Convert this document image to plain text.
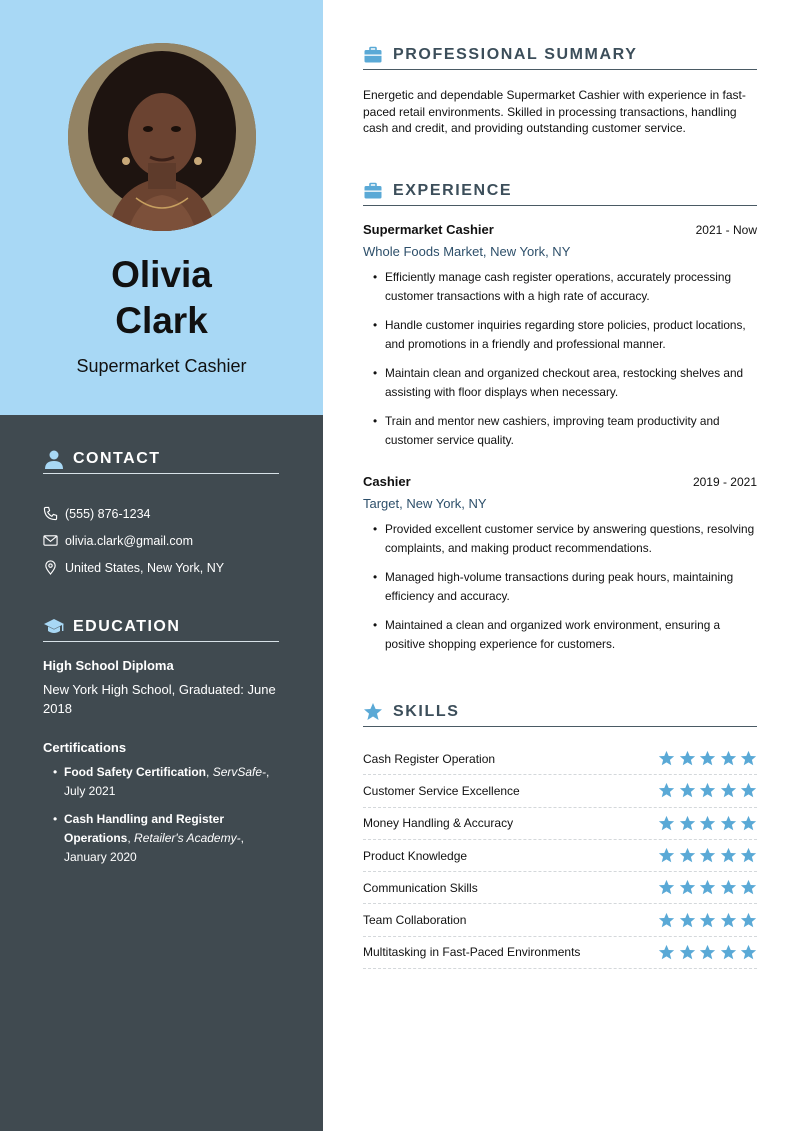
Olivia
Clark
Supermarket Cashier
CONTACT
(555) 876-1234
olivia.clark@gmail.com
United States, New York, NY
EDUCATION
High School Diploma
New York High School, Graduated: June 2018
Certifications
• Food Safety Certification, ServSafe-, July 2021
• Cash Handling and Register Operations, Retailer's Academy-, January 2020
PROFESSIONAL SUMMARY
Energetic and dependable Supermarket Cashier with experience in fast-paced retail environments. Skilled in processing transactions, handling cash and credit, and providing outstanding customer service.
EXPERIENCE
Supermarket Cashier	2021 - Now
Whole Foods Market, New York, NY
• Efficiently manage cash register operations, accurately processing customer transactions with a high rate of accuracy.
• Handle customer inquiries regarding store policies, product locations, and promotions in a friendly and professional manner.
• Maintain clean and organized checkout area, restocking shelves and assisting with floor displays when necessary.
• Train and mentor new cashiers, improving team productivity and customer service quality.
Cashier	2019 - 2021
Target, New York, NY
• Provided excellent customer service by answering questions, resolving complaints, and making product recommendations.
• Managed high-volume transactions during peak hours, maintaining efficiency and accuracy.
• Maintained a clean and organized work environment, ensuring a positive shopping experience for customers.
SKILLS
Cash Register Operation
Customer Service Excellence
Money Handling & Accuracy
Product Knowledge
Communication Skills
Team Collaboration
Multitasking in Fast-Paced Environments
